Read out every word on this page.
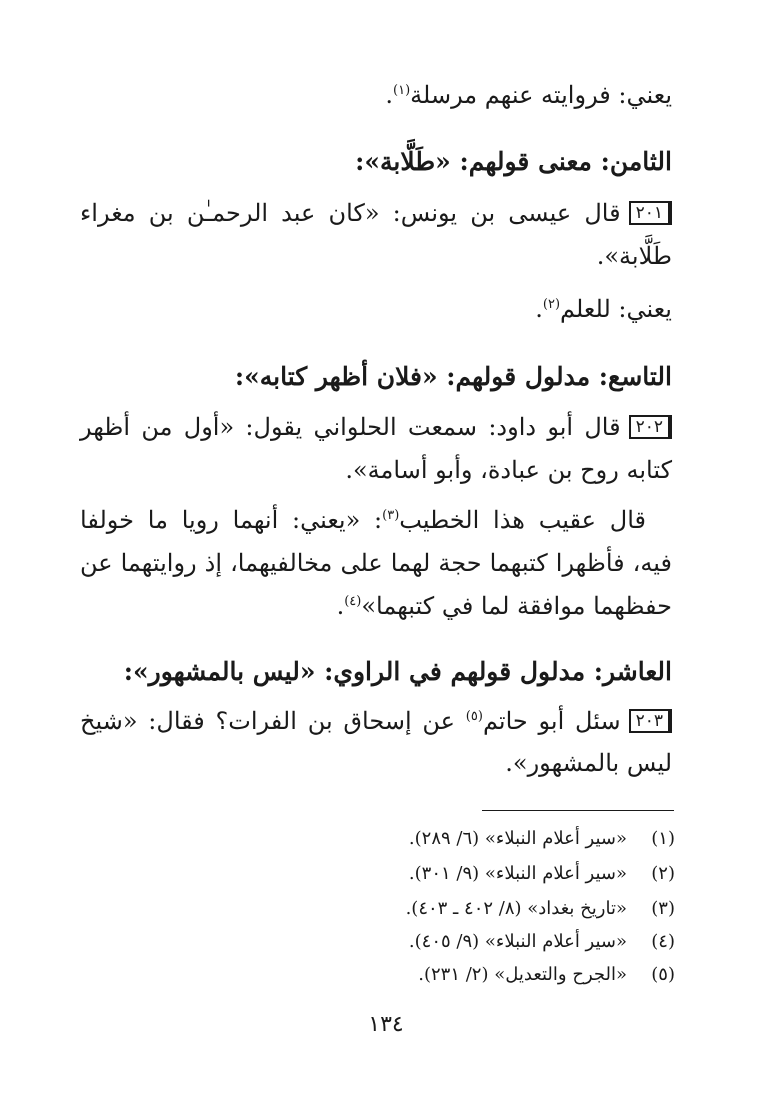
يعني: فروايته عنهم مرسلة$^{(١)}$.
الثامن: معنى قولهم: «طَلَّابة»:
٢٠١قال عيسى بن يونس: «كان عبد الرحمـٰن بن مغراء
طَلَّابة».
يعني: للعلم$^{(٢)}$.
التاسع: مدلول قولهم: «فلان أظهر كتابه»:
٢٠٢قال أبو داود: سمعت الحلواني يقول: «أول من أظهر
كتابه روح بن عبادة، وأبو أسامة».
قال عقيب هذا الخطيب$^{(٣)}$: «يعني: أنهما رويا ما خولفا
فيه، فأظهرا كتبهما حجة لهما على مخالفيهما، إذ روايتهما عن
حفظهما موافقة لما في كتبهما»$^{(٤)}$.
العاشر: مدلول قولهم في الراوي: «ليس بالمشهور»:
٢٠٣سئل أبو حاتم$^{(٥)}$ عن إسحاق بن الفرات؟ فقال: «شيخ
ليس بالمشهور».
(١)«سير أعلام النبلاء» (٦/ ٢٨٩).
(٢)«سير أعلام النبلاء» (٩/ ٣٠١).
(٣)«تاريخ بغداد» (٨/ ٤٠٢ ـ ٤٠٣).
(٤)«سير أعلام النبلاء» (٩/ ٤٠٥).
(٥)«الجرح والتعديل» (٢/ ٢٣١).
١٣٤
